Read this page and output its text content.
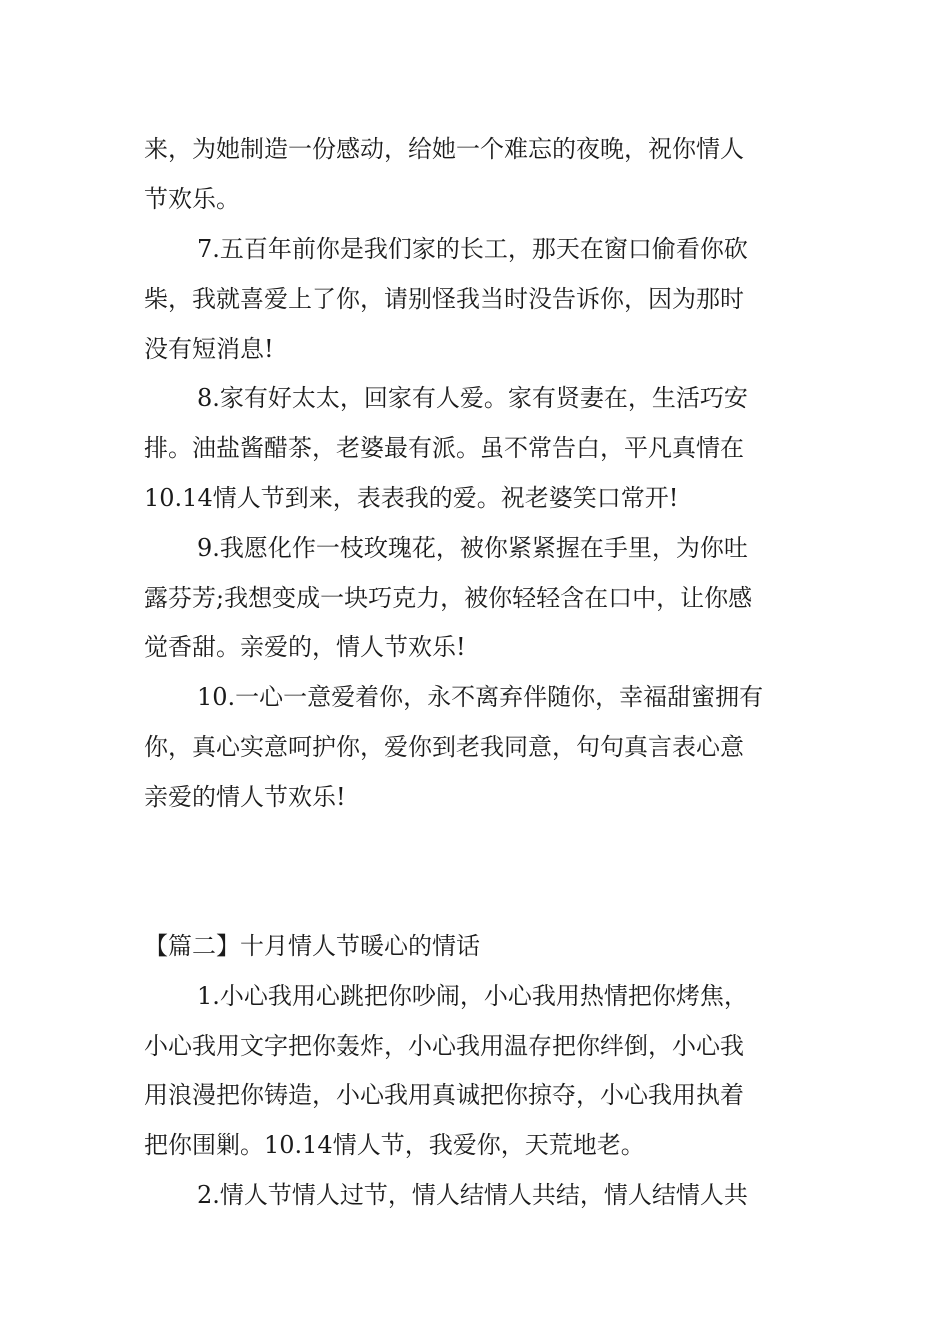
来，为她制造一份感动，给她一个难忘的夜晚，祝你情人
节欢乐。
7.五百年前你是我们家的长工，那天在窗口偷看你砍
柴，我就喜爱上了你，请别怪我当时没告诉你，因为那时
没有短消息!
8.家有好太太，回家有人爱。家有贤妻在，生活巧安
排。油盐酱醋茶，老婆最有派。虽不常告白，平凡真情在
10.14情人节到来，表表我的爱。祝老婆笑口常开!
9.我愿化作一枝玫瑰花，被你紧紧握在手里，为你吐
露芬芳;我想变成一块巧克力，被你轻轻含在口中，让你感
觉香甜。亲爱的，情人节欢乐!
10.一心一意爱着你，永不离弃伴随你，幸福甜蜜拥有
你，真心实意呵护你，爱你到老我同意，句句真言表心意
亲爱的情人节欢乐!
【篇二】十月情人节暖心的情话
1.小心我用心跳把你吵闹，小心我用热情把你烤焦，
小心我用文字把你轰炸，小心我用温存把你绊倒，小心我
用浪漫把你铸造，小心我用真诚把你掠夺，小心我用执着
把你围剿。10.14情人节，我爱你，天荒地老。
2.情人节情人过节，情人结情人共结，情人结情人共
